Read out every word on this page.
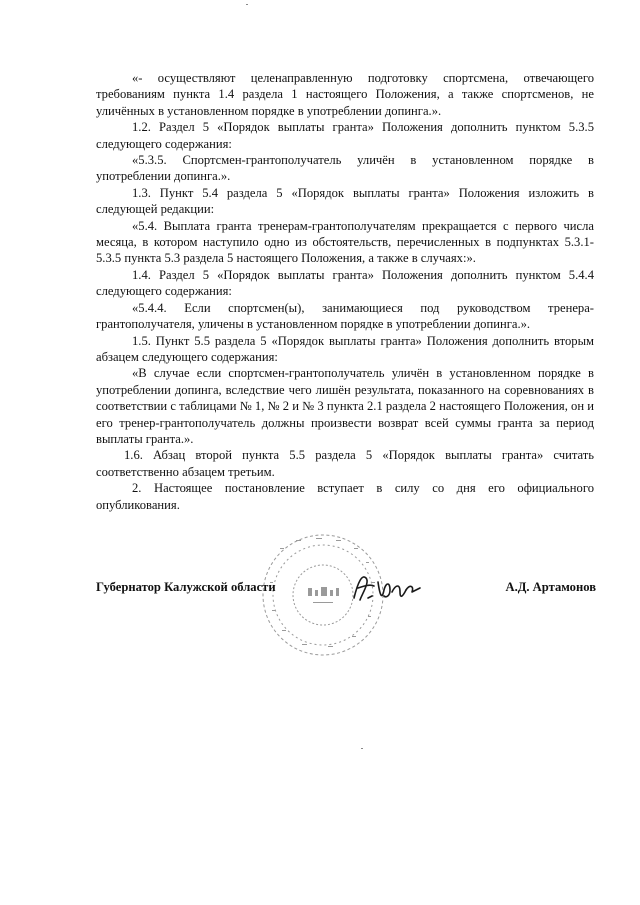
«- осуществляют целенаправленную подготовку спортсмена, отвечающего требованиям пункта 1.4 раздела 1 настоящего Положения, а также спортсменов, не уличённых в установленном порядке в употреблении допинга.».

1.2. Раздел 5 «Порядок выплаты гранта» Положения дополнить пунктом 5.3.5 следующего содержания:

«5.3.5. Спортсмен-грантополучатель уличён в установленном порядке в употреблении допинга.».

1.3. Пункт 5.4 раздела 5 «Порядок выплаты гранта» Положения изложить в следующей редакции:

«5.4. Выплата гранта тренерам-грантополучателям прекращается с первого числа месяца, в котором наступило одно из обстоятельств, перечисленных в подпунктах 5.3.1-5.3.5 пункта 5.3 раздела 5 настоящего Положения, а также в случаях:».

1.4. Раздел 5 «Порядок выплаты гранта» Положения дополнить пунктом 5.4.4 следующего содержания:

«5.4.4. Если спортсмен(ы), занимающиеся под руководством тренера-грантополучателя, уличены в установленном порядке в употреблении допинга.».

1.5. Пункт 5.5 раздела 5 «Порядок выплаты гранта» Положения дополнить вторым абзацем следующего содержания:

«В случае если спортсмен-грантополучатель уличён в установленном порядке в употреблении допинга, вследствие чего лишён результата, показанного на соревнованиях в соответствии с таблицами № 1, № 2 и № 3 пункта 2.1 раздела 2 настоящего Положения, он и его тренер-грантополучатель должны произвести возврат всей суммы гранта за период выплаты гранта.».

1.6. Абзац второй пункта 5.5 раздела 5 «Порядок выплаты гранта» считать соответственно абзацем третьим.

2. Настоящее постановление вступает в силу со дня его официального опубликования.

Губернатор Калужской области	А.Д. Артамонов
